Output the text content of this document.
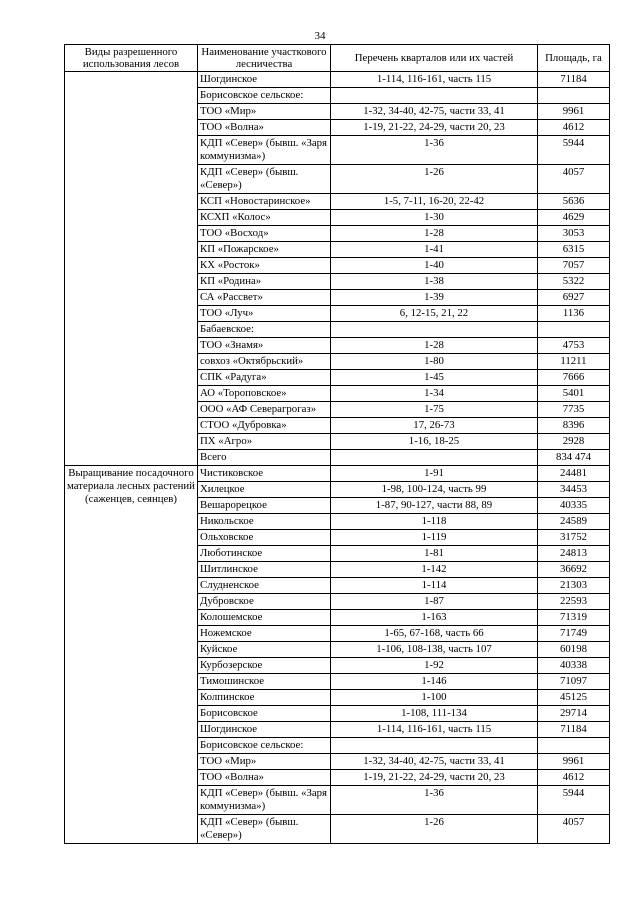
34
Виды разрешенного использования лесов	Наименование участкового лесничества	Перечень кварталов или их частей	Площадь, га
	Шогдинское	1-114, 116-161, часть 115	71184
	Борисовское сельское:		
	ТОО «Мир»	1-32, 34-40, 42-75, части 33, 41	9961
	ТОО «Волна»	1-19, 21-22, 24-29, части 20, 23	4612
	КДП «Север» (бывш. «Заря коммунизма»)	1-36	5944
	КДП «Север» (бывш. «Север»)	1-26	4057
	КСП «Новостаринское»	1-5, 7-11, 16-20, 22-42	5636
	КСХП «Колос»	1-30	4629
	ТОО «Восход»	1-28	3053
	КП «Пожарское»	1-41	6315
	КХ «Росток»	1-40	7057
	КП «Родина»	1-38	5322
	СА «Рассвет»	1-39	6927
	ТОО «Луч»	6, 12-15, 21, 22	1136
	Бабаевское:		
	ТОО «Знамя»	1-28	4753
	совхоз «Октябрьский»	1-80	11211
	СПК «Радуга»	1-45	7666
	АО «Тороповское»	1-34	5401
	ООО «АФ Северагрогаз»	1-75	7735
	СТОО «Дубровка»	17, 26-73	8396
	ПХ «Агро»	1-16, 18-25	2928
	Всего		834 474
Выращивание посадочного материала лесных растений (саженцев, сеянцев)	Чистиковское	1-91	24481
	Хилецкое	1-98, 100-124, часть 99	34453
	Вешарорецкое	1-87, 90-127, части 88, 89	40335
	Никольское	1-118	24589
	Ольховское	1-119	31752
	Люботинское	1-81	24813
	Шитлинское	1-142	36692
	Слудненское	1-114	21303
	Дубровское	1-87	22593
	Колошемское	1-163	71319
	Ножемское	1-65, 67-168, часть 66	71749
	Куйское	1-106, 108-138, часть 107	60198
	Курбозерское	1-92	40338
	Тимошинское	1-146	71097
	Колпинское	1-100	45125
	Борисовское	1-108, 111-134	29714
	Шогдинское	1-114, 116-161, часть 115	71184
	Борисовское сельское:		
	ТОО «Мир»	1-32, 34-40, 42-75, части 33, 41	9961
	ТОО «Волна»	1-19, 21-22, 24-29, части 20, 23	4612
	КДП «Север» (бывш. «Заря коммунизма»)	1-36	5944
	КДП «Север» (бывш. «Север»)	1-26	4057
